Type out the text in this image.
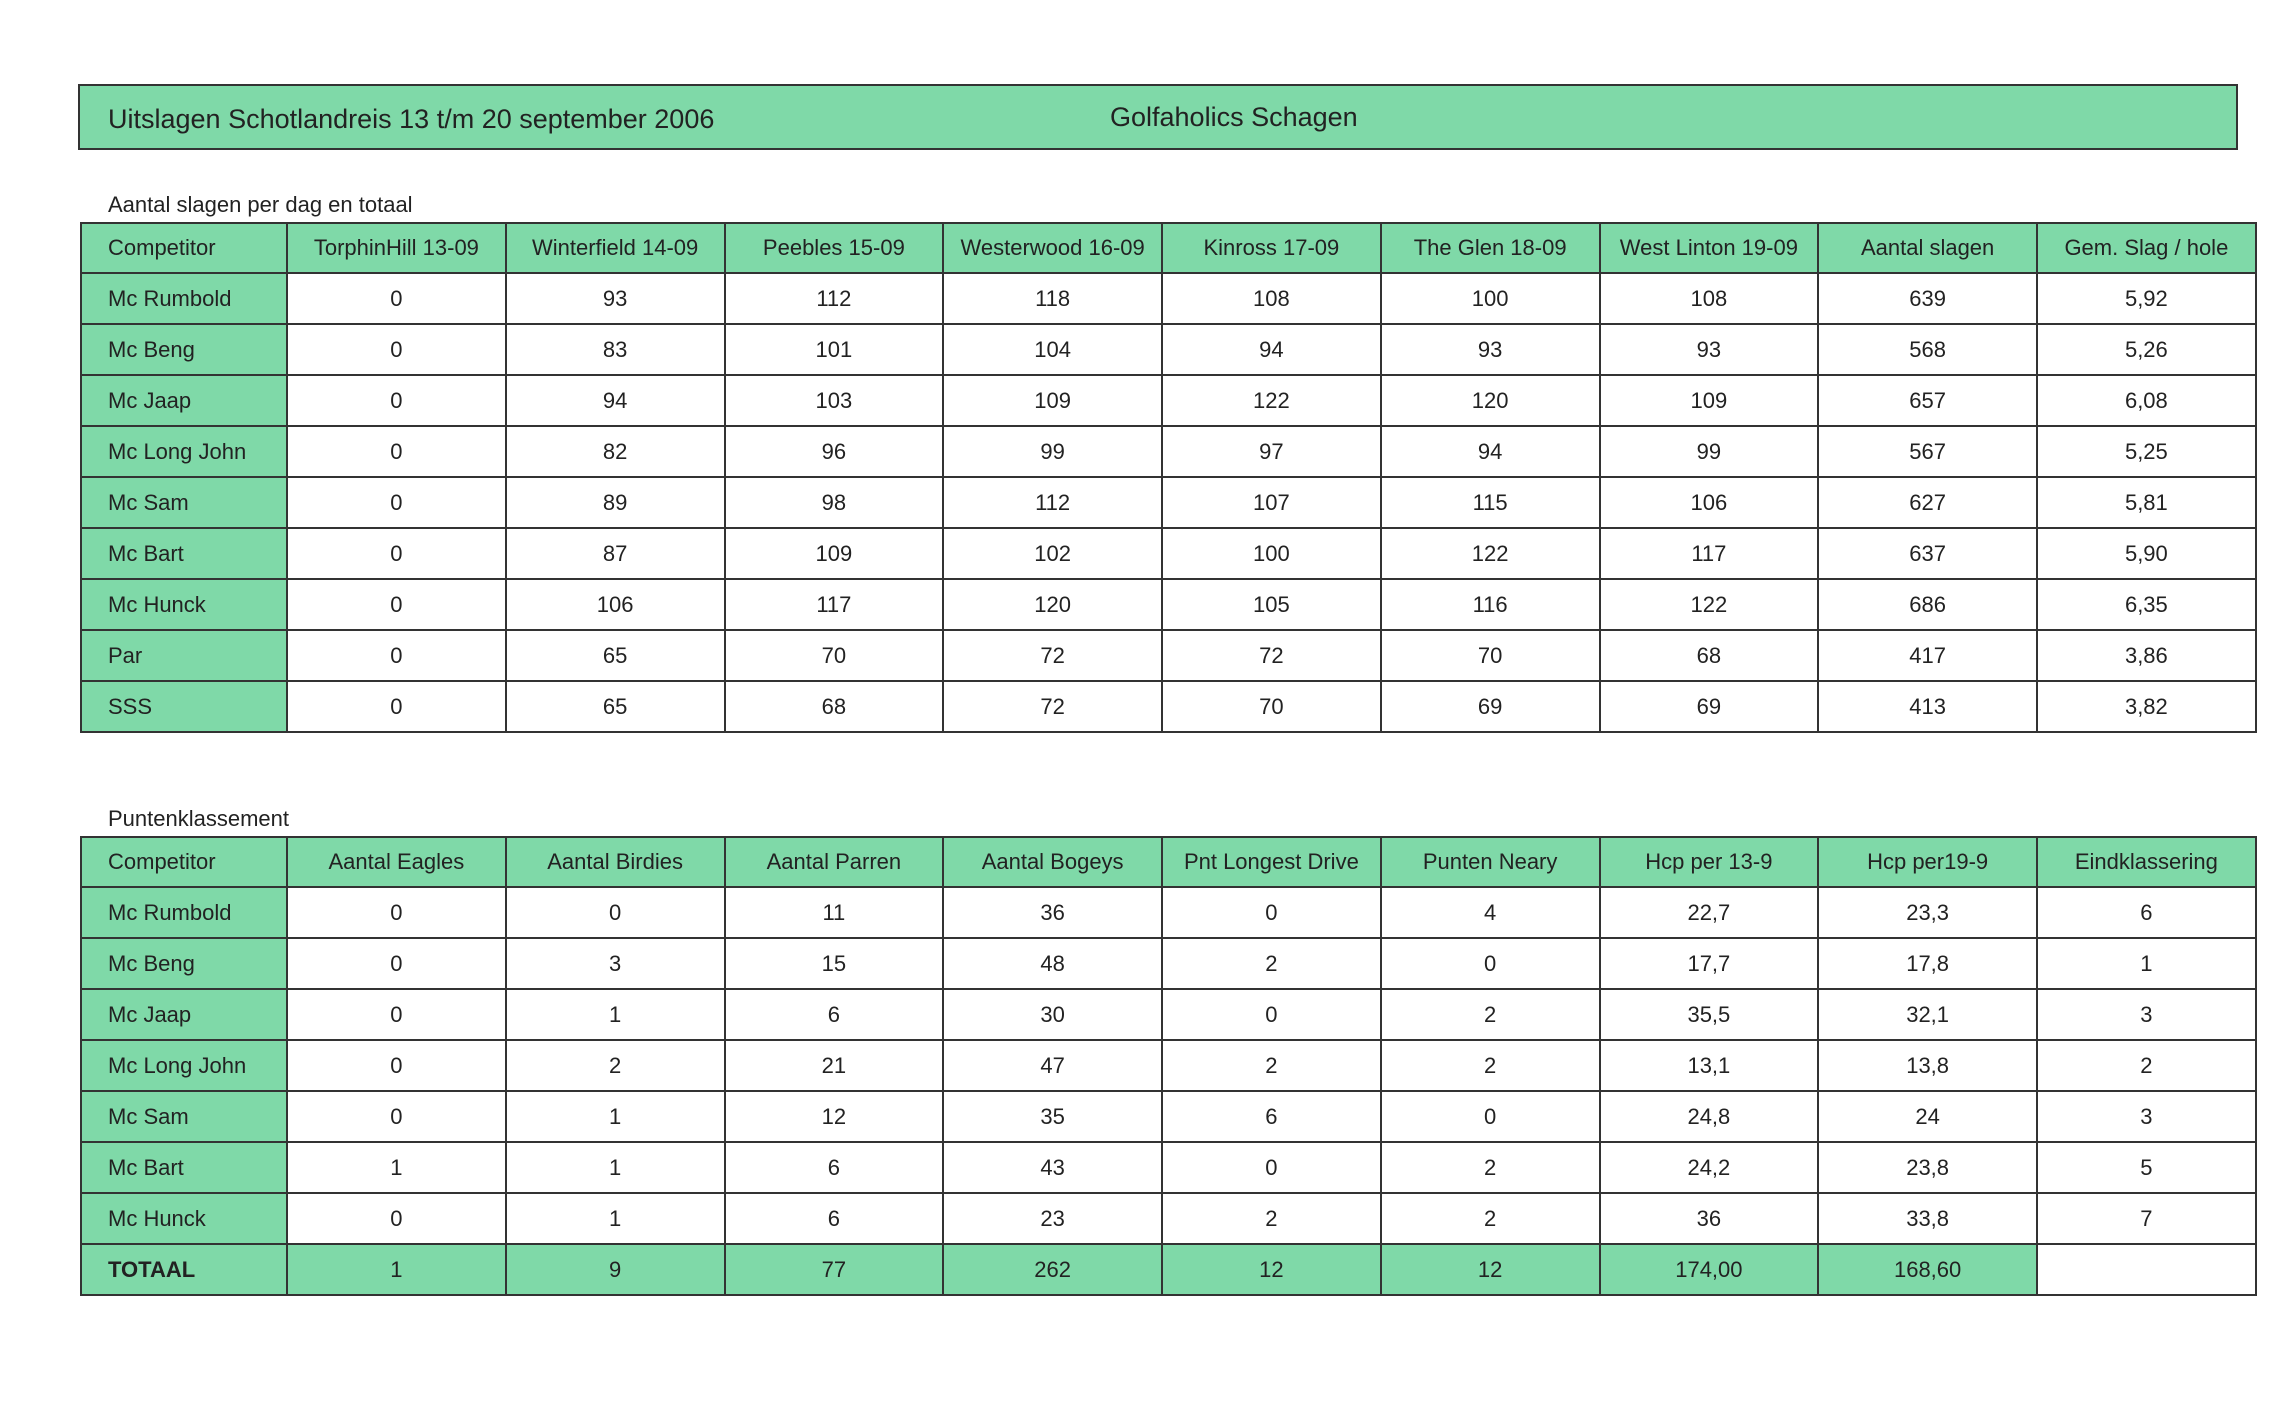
Uitslagen Schotlandreis 13 t/m 20 september 2006	Golfaholics Schagen
Aantal slagen per dag en totaal
Competitor	TorphinHill 13-09	Winterfield 14-09	Peebles 15-09	Westerwood 16-09	Kinross 17-09	The Glen 18-09	West Linton 19-09	Aantal slagen	Gem. Slag / hole
Mc Rumbold	0	93	112	118	108	100	108	639	5,92
Mc Beng	0	83	101	104	94	93	93	568	5,26
Mc Jaap	0	94	103	109	122	120	109	657	6,08
Mc Long John	0	82	96	99	97	94	99	567	5,25
Mc Sam	0	89	98	112	107	115	106	627	5,81
Mc Bart	0	87	109	102	100	122	117	637	5,90
Mc Hunck	0	106	117	120	105	116	122	686	6,35
Par	0	65	70	72	72	70	68	417	3,86
SSS	0	65	68	72	70	69	69	413	3,82
Puntenklassement
Competitor	Aantal Eagles	Aantal Birdies	Aantal Parren	Aantal Bogeys	Pnt Longest Drive	Punten Neary	Hcp per 13-9	Hcp per19-9	Eindklassering
Mc Rumbold	0	0	11	36	0	4	22,7	23,3	6
Mc Beng	0	3	15	48	2	0	17,7	17,8	1
Mc Jaap	0	1	6	30	0	2	35,5	32,1	3
Mc Long John	0	2	21	47	2	2	13,1	13,8	2
Mc Sam	0	1	12	35	6	0	24,8	24	3
Mc Bart	1	1	6	43	0	2	24,2	23,8	5
Mc Hunck	0	1	6	23	2	2	36	33,8	7
TOTAAL	1	9	77	262	12	12	174,00	168,60	
